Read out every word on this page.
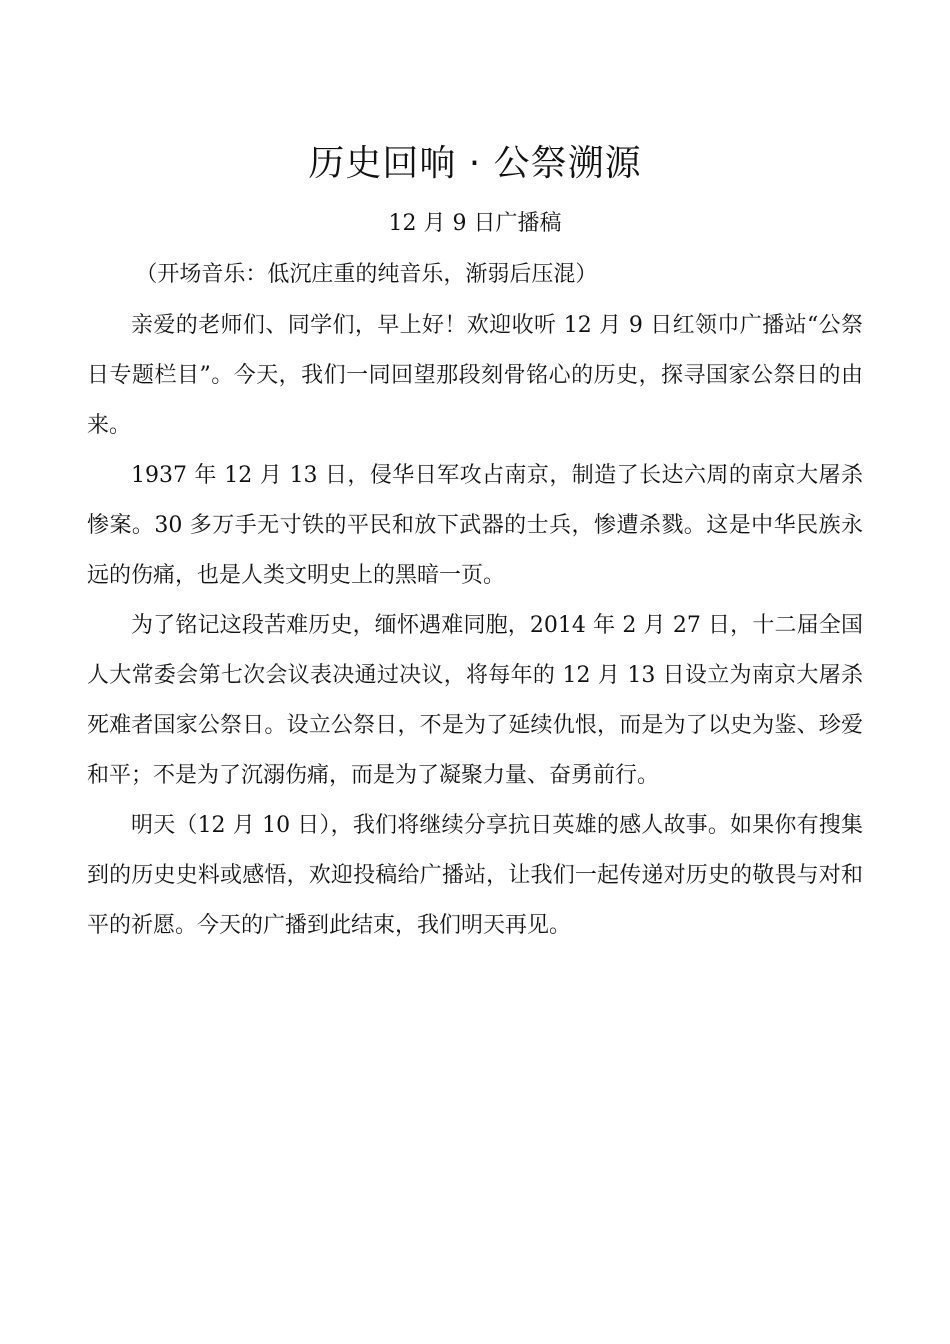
历史回响 · 公祭溯源

12 月 9 日广播稿

（开场音乐：低沉庄重的纯音乐，渐弱后压混）

亲爱的老师们、同学们，早上好！欢迎收听 12 月 9 日红领巾广播站“公祭日专题栏目”。今天，我们一同回望那段刻骨铭心的历史，探寻国家公祭日的由来。

1937 年 12 月 13 日，侵华日军攻占南京，制造了长达六周的南京大屠杀惨案。30 多万手无寸铁的平民和放下武器的士兵，惨遭杀戮。这是中华民族永远的伤痛，也是人类文明史上的黑暗一页。

为了铭记这段苦难历史，缅怀遇难同胞，2014 年 2 月 27 日，十二届全国人大常委会第七次会议表决通过决议，将每年的 12 月 13 日设立为南京大屠杀死难者国家公祭日。设立公祭日，不是为了延续仇恨，而是为了以史为鉴、珍爱和平；不是为了沉溺伤痛，而是为了凝聚力量、奋勇前行。

明天（12 月 10 日），我们将继续分享抗日英雄的感人故事。如果你有搜集到的历史史料或感悟，欢迎投稿给广播站，让我们一起传递对历史的敬畏与对和平的祈愿。今天的广播到此结束，我们明天再见。
